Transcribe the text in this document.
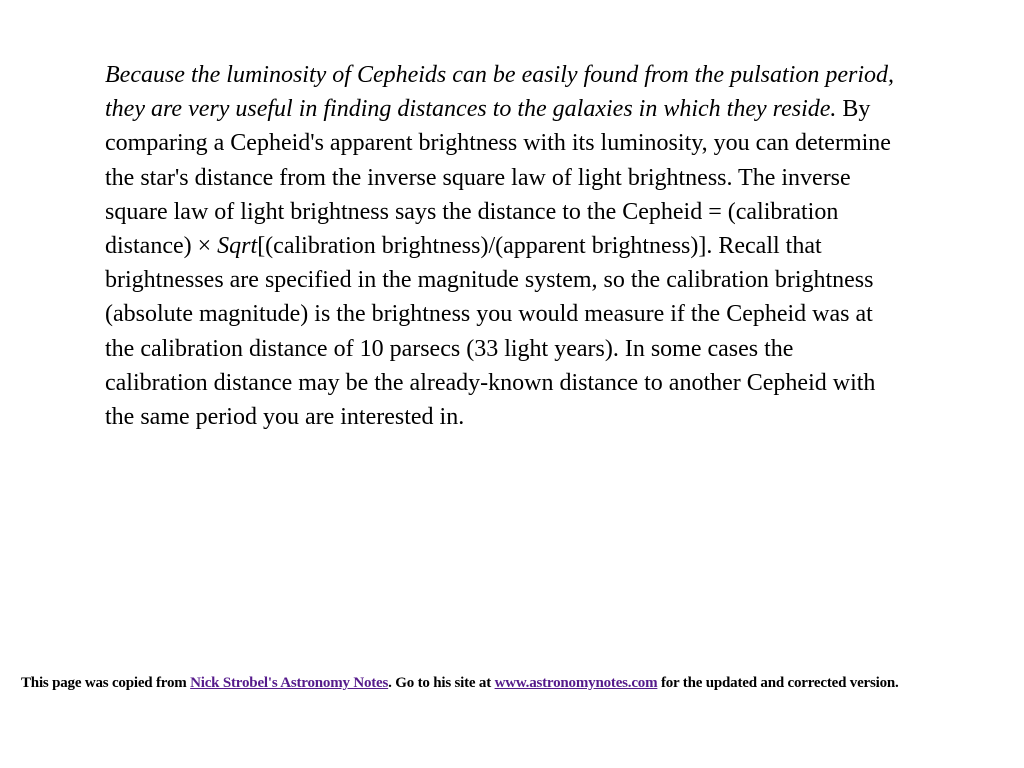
Because the luminosity of Cepheids can be easily found from the pulsation period, they are very useful in finding distances to the galaxies in which they reside. By comparing a Cepheid's apparent brightness with its luminosity, you can determine the star's distance from the inverse square law of light brightness. The inverse square law of light brightness says the distance to the Cepheid = (calibration distance) × Sqrt[(calibration brightness)/(apparent brightness)]. Recall that brightnesses are specified in the magnitude system, so the calibration brightness (absolute magnitude) is the brightness you would measure if the Cepheid was at the calibration distance of 10 parsecs (33 light years). In some cases the calibration distance may be the already-known distance to another Cepheid with the same period you are interested in.

This page was copied from Nick Strobel's Astronomy Notes. Go to his site at www.astronomynotes.com for the updated and corrected version.
